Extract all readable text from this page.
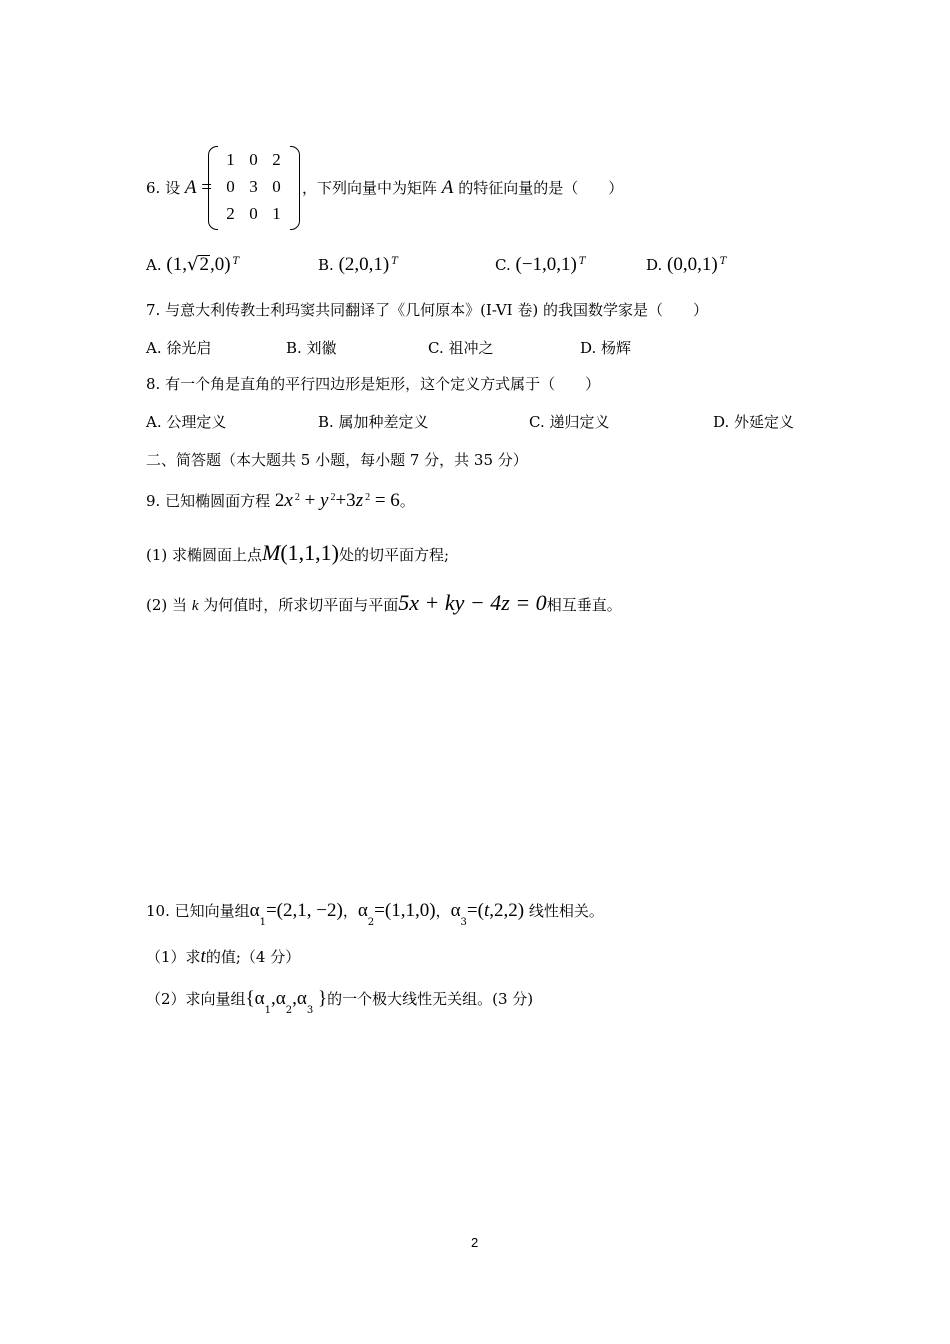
6. 设 A =
1	0	2
0	3	0
2	0	1
，下列向量中为矩阵 A 的特征向量的是（　　）
A. (1,√2,0) $^T$	B. (2,0,1) $^T$	C. (−1,0,1) $^T$	D. (0,0,1) $^T$
7. 与意大利传教士利玛窦共同翻译了《几何原本》(I-VI 卷) 的我国数学家是（　　）
A. 徐光启	B. 刘徽	C. 祖冲之	D. 杨辉
8. 有一个角是直角的平行四边形是矩形，这个定义方式属于（　　）
A. 公理定义	B. 属加种差定义	C. 递归定义	D. 外延定义
二、简答题（本大题共 5 小题，每小题 7 分，共 35 分）
9. 已知椭圆面方程 2x $^2$ + y $^2$+3z $^2$ = 6。
(1) 求椭圆面上点M(1,1,1)处的切平面方程;
(2) 当 k 为何值时，所求切平面与平面5x + ky − 4z = 0相互垂直。
10. 已知向量组$\alpha_1=(2,1$, −2)，$\alpha_2=(1,1,0)$，$\alpha_3=(t,2,2)$ 线性相关。
（1）求t的值;（4 分）
（2）求向量组{$\alpha_1,\alpha_2,\alpha_3$ }的一个极大线性无关组。(3 分)
2
